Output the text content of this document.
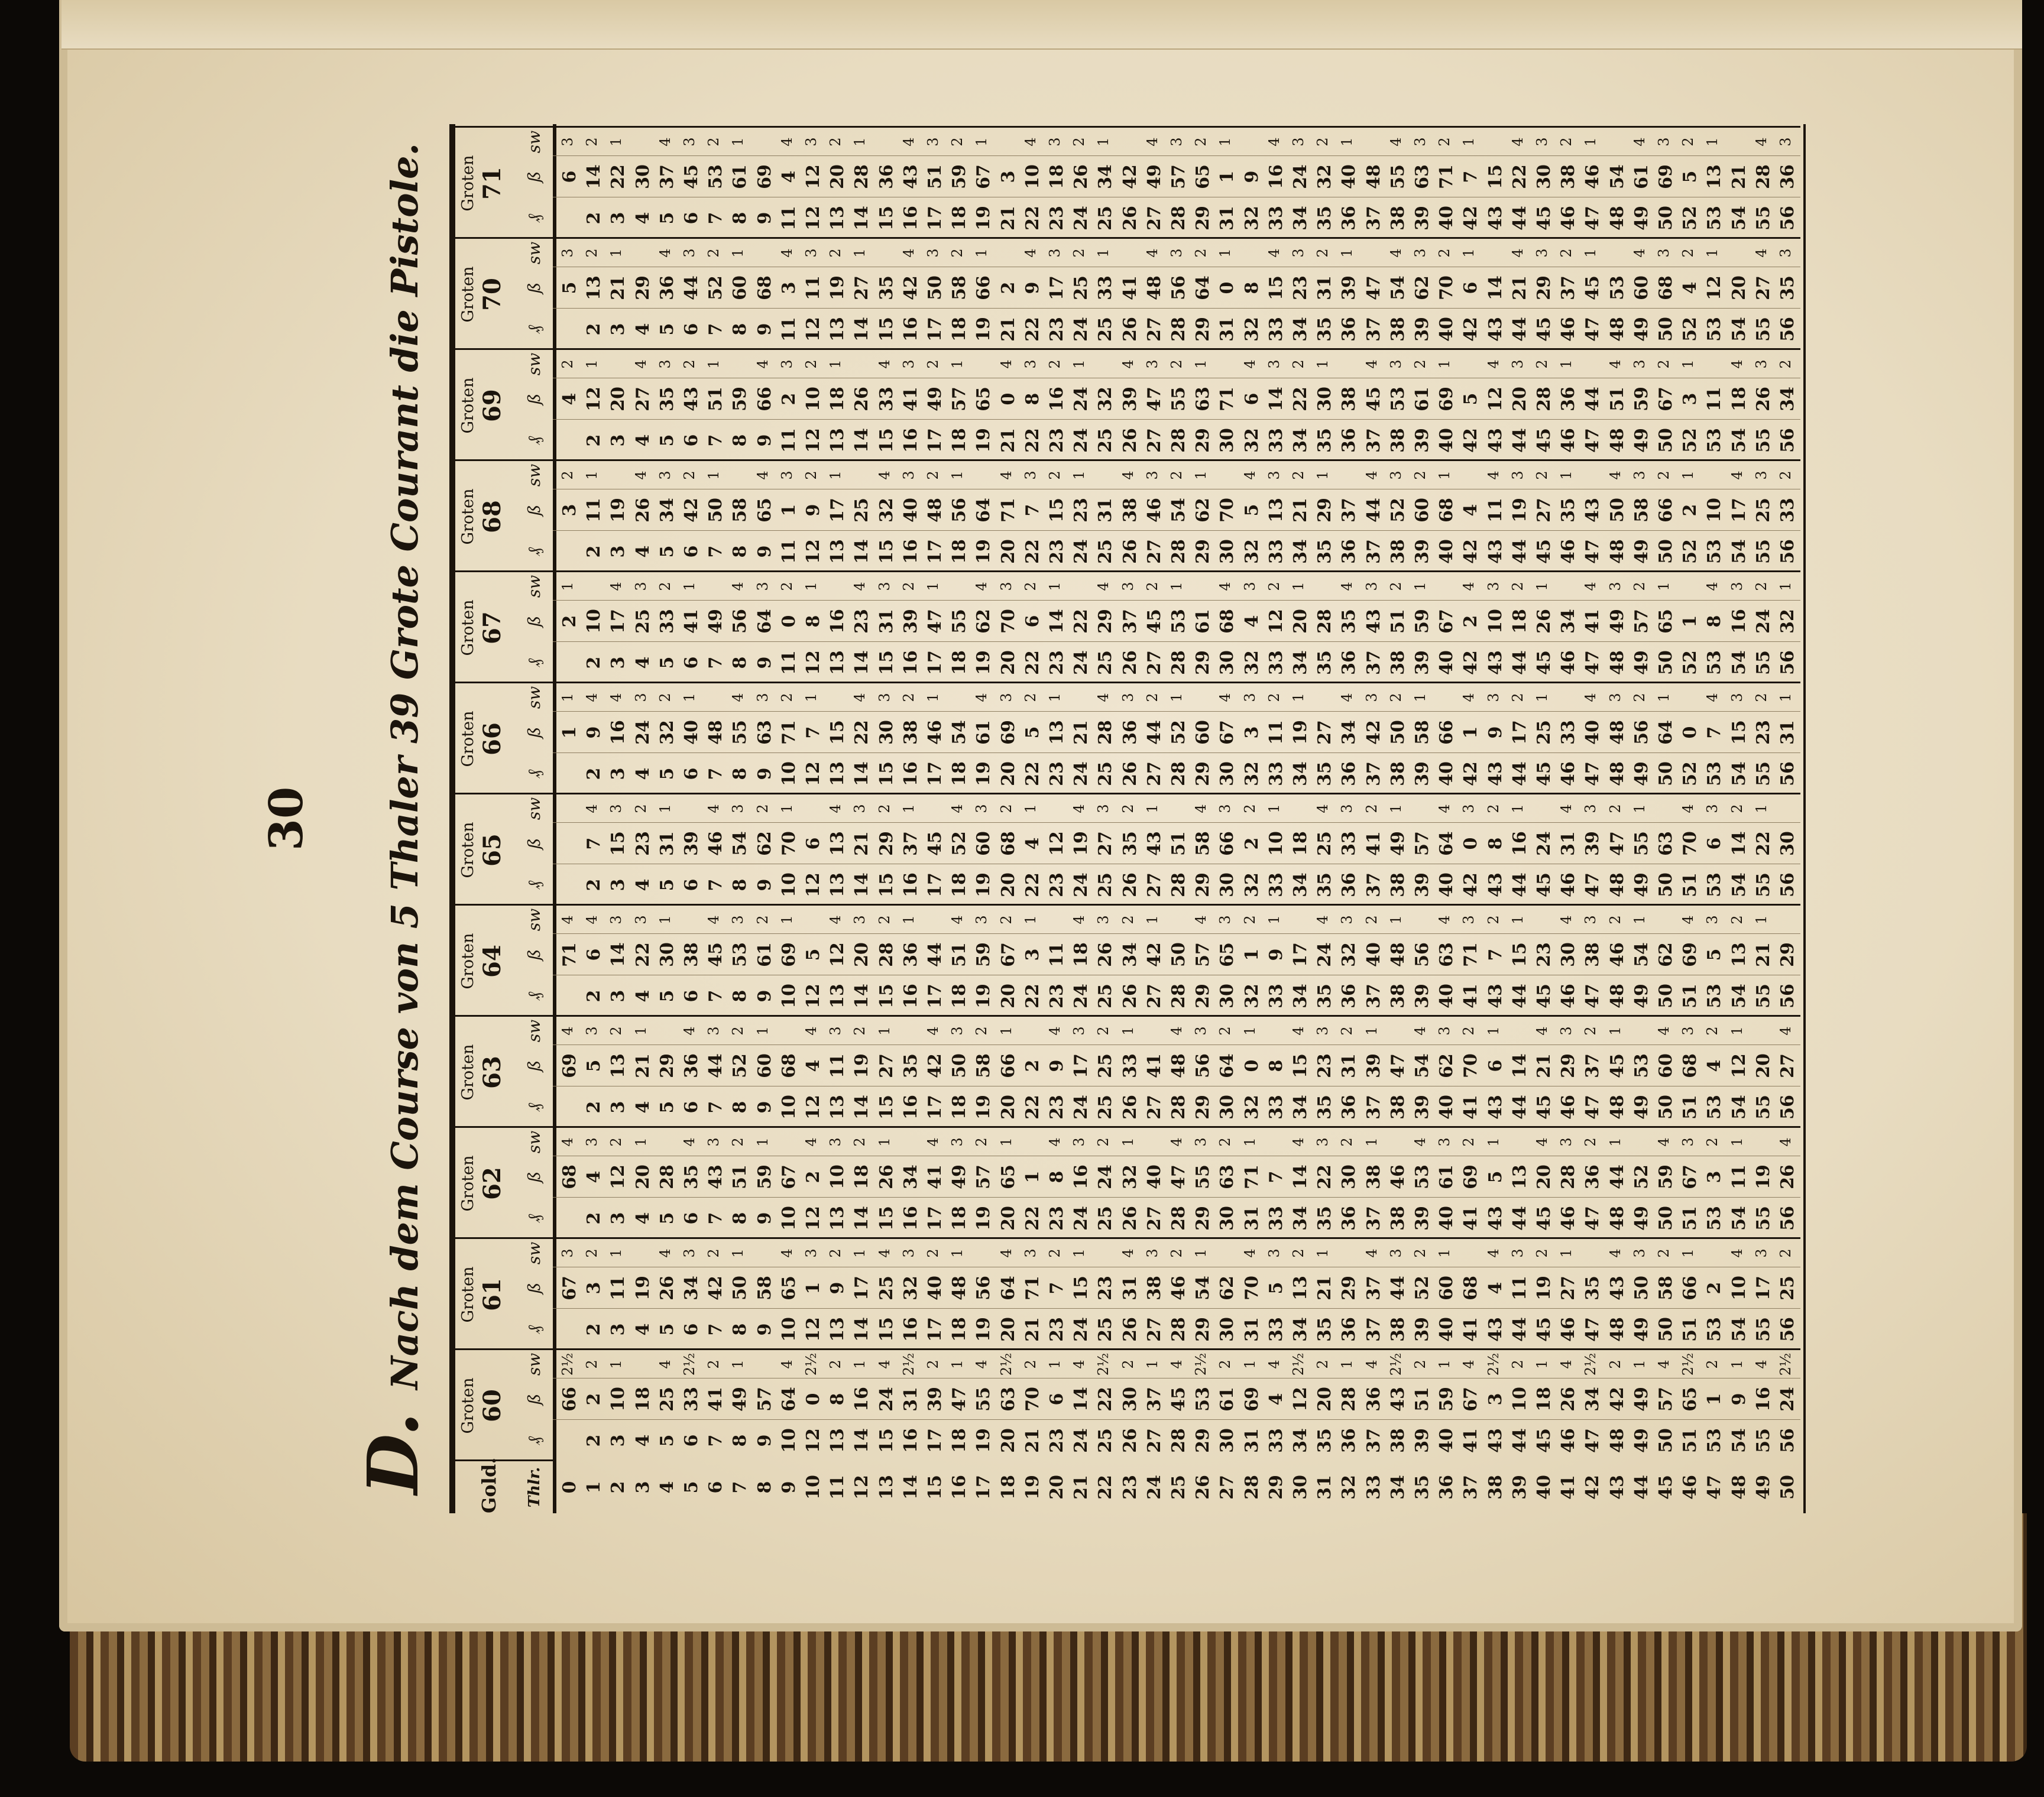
30
D.Nach dem Course von 5 Thaler 39 Grote Courant die Pistole.
Gold.	Thlr.
Groten 60
₰
ß
sw
66
2½
2
2
2
3
10
1
4
18
5
25
4
6
33
2½
7
41
2
8
49
1
9
57
10
64
4
12
0
2½
13
8
2
14
16
1
15
24
4
16
31
2½
17
39
2
18
47
1
19
55
4
20
63
2½
21
70
2
23
6
1
24
14
4
25
22
2½
26
30
2
27
37
1
28
45
4
29
53
2½
30
61
2
31
69
1
33
4
4
34
12
2½
35
20
2
36
28
1
37
36
4
38
43
2½
39
51
2
40
59
1
41
67
4
43
3
2½
44
10
2
45
18
1
46
26
4
47
34
2½
48
42
2
49
49
1
50
57
4
51
65
2½
53
1
2
54
9
1
55
16
4
56
24
2½
Groten 61
₰
ß
sw
67
3
2
3
2
3
11
1
4
19
5
26
4
6
34
3
7
42
2
8
50
1
9
58
10
65
4
12
1
3
13
9
2
14
17
1
15
25
4
16
32
3
17
40
2
18
48
1
19
56
20
64
4
21
71
3
23
7
2
24
15
1
25
23
26
31
4
27
38
3
28
46
2
29
54
1
30
62
31
70
4
33
5
3
34
13
2
35
21
1
36
29
37
37
4
38
44
3
39
52
2
40
60
1
41
68
43
4
4
44
11
3
45
19
2
46
27
1
47
35
48
43
4
49
50
3
50
58
2
51
66
1
53
2
54
10
4
55
17
3
56
25
2
Groten 62
₰
ß
sw
68
4
2
4
3
3
12
2
4
20
1
5
28
6
35
4
7
43
3
8
51
2
9
59
1
10
67
12
2
4
13
10
3
14
18
2
15
26
1
16
34
17
41
4
18
49
3
19
57
2
20
65
1
22
1
23
8
4
24
16
3
25
24
2
26
32
1
27
40
28
47
4
29
55
3
30
63
2
31
71
1
33
7
34
14
4
35
22
3
36
30
2
37
38
1
38
46
39
53
4
40
61
3
41
69
2
43
5
1
44
13
45
20
4
46
28
3
47
36
2
48
44
1
49
52
50
59
4
51
67
3
53
3
2
54
11
1
55
19
56
26
4
Groten 63
₰
ß
sw
69
4
2
5
3
3
13
2
4
21
1
5
29
6
36
4
7
44
3
8
52
2
9
60
1
10
68
12
4
4
13
11
3
14
19
2
15
27
1
16
35
17
42
4
18
50
3
19
58
2
20
66
1
22
2
23
9
4
24
17
3
25
25
2
26
33
1
27
41
28
48
4
29
56
3
30
64
2
32
0
1
33
8
34
15
4
35
23
3
36
31
2
37
39
1
38
47
39
54
4
40
62
3
41
70
2
43
6
1
44
14
45
21
4
46
29
3
47
37
2
48
45
1
49
53
50
60
4
51
68
3
53
4
2
54
12
1
55
20
56
27
4
Groten 64
₰
ß
sw
71
4
2
6
4
3
14
3
4
22
3
5
30
1
6
38
7
45
4
8
53
3
9
61
2
10
69
1
12
5
13
12
4
14
20
3
15
28
2
16
36
1
17
44
18
51
4
19
59
3
20
67
2
22
3
1
23
11
24
18
4
25
26
3
26
34
2
27
42
1
28
50
29
57
4
30
65
3
32
1
2
33
9
1
34
17
35
24
4
36
32
3
37
40
2
38
48
1
39
56
40
63
4
41
71
3
43
7
2
44
15
1
45
23
46
30
4
47
38
3
48
46
2
49
54
1
50
62
51
69
4
53
5
3
54
13
2
55
21
1
56
29
Groten 65
₰
ß
sw
2
7
4
3
15
3
4
23
2
5
31
1
6
39
7
46
4
8
54
3
9
62
2
10
70
1
12
6
13
13
4
14
21
3
15
29
2
16
37
1
17
45
18
52
4
19
60
3
20
68
2
22
4
1
23
12
24
19
4
25
27
3
26
35
2
27
43
1
28
51
29
58
4
30
66
3
32
2
2
33
10
1
34
18
35
25
4
36
33
3
37
41
2
38
49
1
39
57
40
64
4
42
0
3
43
8
2
44
16
1
45
24
46
31
4
47
39
3
48
47
2
49
55
1
50
63
51
70
4
53
6
3
54
14
2
55
22
1
56
30
Groten 66
₰
ß
sw
1
1
2
9
4
3
16
4
4
24
3
5
32
2
6
40
1
7
48
8
55
4
9
63
3
10
71
2
12
7
1
13
15
14
22
4
15
30
3
16
38
2
17
46
1
18
54
19
61
4
20
69
3
22
5
2
23
13
1
24
21
25
28
4
26
36
3
27
44
2
28
52
1
29
60
30
67
4
32
3
3
33
11
2
34
19
1
35
27
36
34
4
37
42
3
38
50
2
39
58
1
40
66
42
1
4
43
9
3
44
17
2
45
25
1
46
33
47
40
4
48
48
3
49
56
2
50
64
1
52
0
53
7
4
54
15
3
55
23
2
56
31
1
Groten 67
₰
ß
sw
2
1
2
10
3
17
4
4
25
3
5
33
2
6
41
1
7
49
8
56
4
9
64
3
11
0
2
12
8
1
13
16
14
23
4
15
31
3
16
39
2
17
47
1
18
55
19
62
4
20
70
3
22
6
2
23
14
1
24
22
25
29
4
26
37
3
27
45
2
28
53
1
29
61
30
68
4
32
4
3
33
12
2
34
20
1
35
28
36
35
4
37
43
3
38
51
2
39
59
1
40
67
42
2
4
43
10
3
44
18
2
45
26
1
46
34
47
41
4
48
49
3
49
57
2
50
65
1
52
1
53
8
4
54
16
3
55
24
2
56
32
1
Groten 68
₰
ß
sw
3
2
2
11
1
3
19
4
26
4
5
34
3
6
42
2
7
50
1
8
58
9
65
4
11
1
3
12
9
2
13
17
1
14
25
15
32
4
16
40
3
17
48
2
18
56
1
19
64
20
71
4
22
7
3
23
15
2
24
23
1
25
31
26
38
4
27
46
3
28
54
2
29
62
1
30
70
32
5
4
33
13
3
34
21
2
35
29
1
36
37
37
44
4
38
52
3
39
60
2
40
68
1
42
4
43
11
4
44
19
3
45
27
2
46
35
1
47
43
48
50
4
49
58
3
50
66
2
52
2
1
53
10
54
17
4
55
25
3
56
33
2
Groten 69
₰
ß
sw
4
2
2
12
1
3
20
4
27
4
5
35
3
6
43
2
7
51
1
8
59
9
66
4
11
2
3
12
10
2
13
18
1
14
26
15
33
4
16
41
3
17
49
2
18
57
1
19
65
21
0
4
22
8
3
23
16
2
24
24
1
25
32
26
39
4
27
47
3
28
55
2
29
63
1
30
71
32
6
4
33
14
3
34
22
2
35
30
1
36
38
37
45
4
38
53
3
39
61
2
40
69
1
42
5
43
12
4
44
20
3
45
28
2
46
36
1
47
44
48
51
4
49
59
3
50
67
2
52
3
1
53
11
54
18
4
55
26
3
56
34
2
Groten 70
₰
ß
sw
5
3
2
13
2
3
21
1
4
29
5
36
4
6
44
3
7
52
2
8
60
1
9
68
11
3
4
12
11
3
13
19
2
14
27
1
15
35
16
42
4
17
50
3
18
58
2
19
66
1
21
2
22
9
4
23
17
3
24
25
2
25
33
1
26
41
27
48
4
28
56
3
29
64
2
31
0
1
32
8
33
15
4
34
23
3
35
31
2
36
39
1
37
47
38
54
4
39
62
3
40
70
2
42
6
1
43
14
44
21
4
45
29
3
46
37
2
47
45
1
48
53
49
60
4
50
68
3
52
4
2
53
12
1
54
20
55
27
4
56
35
3
Groten 71
₰
ß
sw
6
3
2
14
2
3
22
1
4
30
5
37
4
6
45
3
7
53
2
8
61
1
9
69
11
4
4
12
12
3
13
20
2
14
28
1
15
36
16
43
4
17
51
3
18
59
2
19
67
1
21
3
22
10
4
23
18
3
24
26
2
25
34
1
26
42
27
49
4
28
57
3
29
65
2
31
1
1
32
9
33
16
4
34
24
3
35
32
2
36
40
1
37
48
38
55
4
39
63
3
40
71
2
42
7
1
43
15
44
22
4
45
30
3
46
38
2
47
46
1
48
54
49
61
4
50
69
3
52
5
2
53
13
1
54
21
55
28
4
56
36
3
0 1 2 3 4 5 6 7 8 9 10 11 12 13 14 15 16 17 18 19 20 21 22 23 24 25 26 27 28 29 30 31 32 33 34 35 36 37 38 39 40 41 42 43 44 45 46 47 48 49 50
